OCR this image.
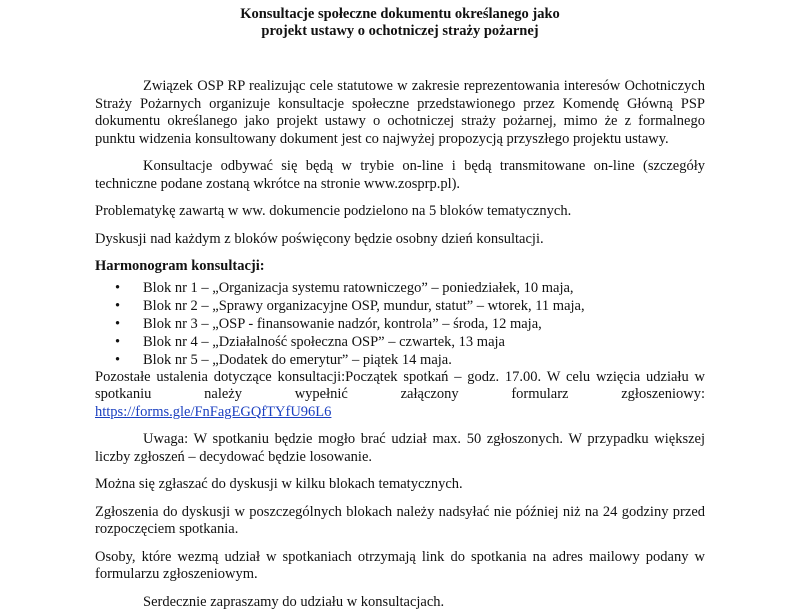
Konsultacje społeczne dokumentu określanego jako
projekt ustawy o ochotniczej straży pożarnej

Związek OSP RP realizując cele statutowe w zakresie reprezentowania interesów Ochotniczych Straży Pożarnych organizuje konsultacje społeczne przedstawionego przez Komendę Główną PSP dokumentu określanego jako projekt ustawy o ochotniczej straży pożarnej, mimo że z formalnego punktu widzenia konsultowany dokument jest co najwyżej propozycją przyszłego projektu ustawy.

Konsultacje odbywać się będą w trybie on-line i będą transmitowane on-line (szczegóły techniczne podane zostaną wkrótce na stronie www.zosprp.pl).

Problematykę zawartą w ww. dokumencie podzielono na 5 bloków tematycznych.

Dyskusji nad każdym z bloków poświęcony będzie osobny dzień konsultacji.

Harmonogram konsultacji:
• Blok nr 1 – „Organizacja systemu ratowniczego” – poniedziałek, 10 maja,
• Blok nr 2 – „Sprawy organizacyjne OSP, mundur, statut” – wtorek, 11 maja,
• Blok nr 3 – „OSP - finansowanie nadzór, kontrola” – środa, 12 maja,
• Blok nr 4 – „Działalność społeczna OSP” – czwartek, 13 maja
• Blok nr 5 – „Dodatek do emerytur” – piątek 14 maja.

Pozostałe ustalenia dotyczące konsultacji:Początek spotkań – godz. 17.00. W celu wzięcia udziału w

spotkaniu należy wypełnić załączony formularz zgłoszeniowy:

https://forms.gle/FnFagEGQfTYfU96L6

Uwaga: W spotkaniu będzie mogło brać udział max. 50 zgłoszonych. W przypadku większej liczby zgłoszeń – decydować będzie losowanie.

Można się zgłaszać do dyskusji w kilku blokach tematycznych.

Zgłoszenia do dyskusji w poszczególnych blokach należy nadsyłać nie później niż na 24 godziny przed rozpoczęciem spotkania.

Osoby, które wezmą udział w spotkaniach otrzymają link do spotkania na adres mailowy podany w formularzu zgłoszeniowym.

Serdecznie zapraszamy do udziału w konsultacjach.
